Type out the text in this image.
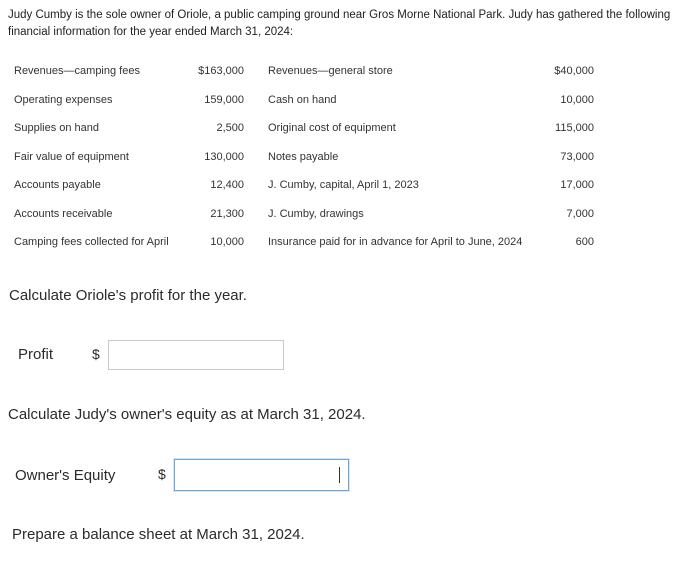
Judy Cumby is the sole owner of Oriole, a public camping ground near Gros Morne National Park. Judy has gathered the following financial information for the year ended March 31, 2024:
Revenues—camping fees	$163,000 Revenues—general store	$40,000
Operating expenses	159,000 Cash on hand	10,000
Supplies on hand	2,500 Original cost of equipment	115,000
Fair value of equipment	130,000 Notes payable	73,000
Accounts payable	12,400 J. Cumby, capital, April 1, 2023	17,000
Accounts receivable	21,300 J. Cumby, drawings	7,000
Camping fees collected for April	10,000 Insurance paid for in advance for April to June, 2024	600
Calculate Oriole's profit for the year.
Profit	$
Calculate Judy's owner's equity as at March 31, 2024.
Owner's Equity	$
Prepare a balance sheet at March 31, 2024.
